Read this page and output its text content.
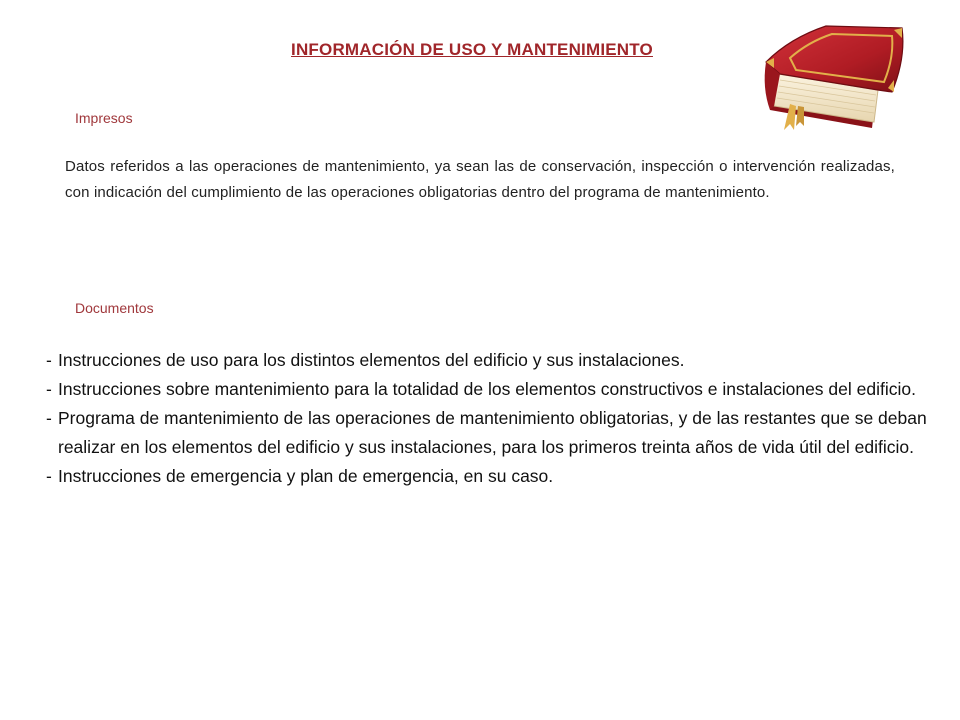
INFORMACIÓN DE USO Y MANTENIMIENTO
Impresos
Datos referidos a las operaciones de mantenimiento, ya sean las de conservación, inspección o intervención realizadas, con indicación del cumplimiento de las operaciones obligatorias dentro del programa de mantenimiento.
Documentos
- Instrucciones de uso para los distintos elementos del edificio y sus instalaciones.
- Instrucciones sobre mantenimiento para la totalidad de los elementos constructivos e instalaciones del edificio.
- Programa de mantenimiento de las operaciones de mantenimiento obligatorias, y de las restantes que se deban realizar en los elementos del edificio y sus instalaciones, para los primeros treinta años de vida útil del edificio.
- Instrucciones de emergencia y plan de emergencia, en su caso.
